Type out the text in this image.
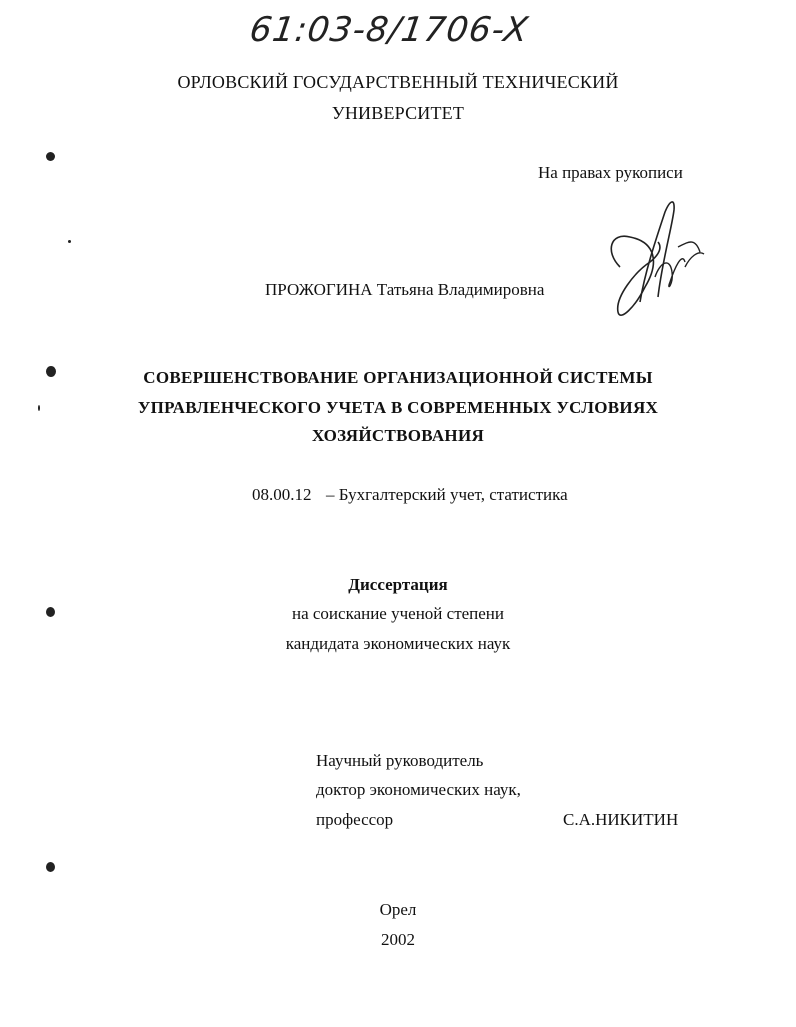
61:03-8/1706-X
ОРЛОВСКИЙ ГОСУДАРСТВЕННЫЙ ТЕХНИЧЕСКИЙ
УНИВЕРСИТЕТ
На правах рукописи
ПРОЖОГИНА Татьяна Владимировна
СОВЕРШЕНСТВОВАНИЕ ОРГАНИЗАЦИОННОЙ СИСТЕМЫ
УПРАВЛЕНЧЕСКОГО УЧЕТА В СОВРЕМЕННЫХ УСЛОВИЯХ
ХОЗЯЙСТВОВАНИЯ
08.00.12 – Бухгалтерский учет, статистика
Диссертация
на соискание ученой степени
кандидата экономических наук
Научный руководитель
доктор экономических наук,
профессор	С.А.НИКИТИН
Орел
2002
